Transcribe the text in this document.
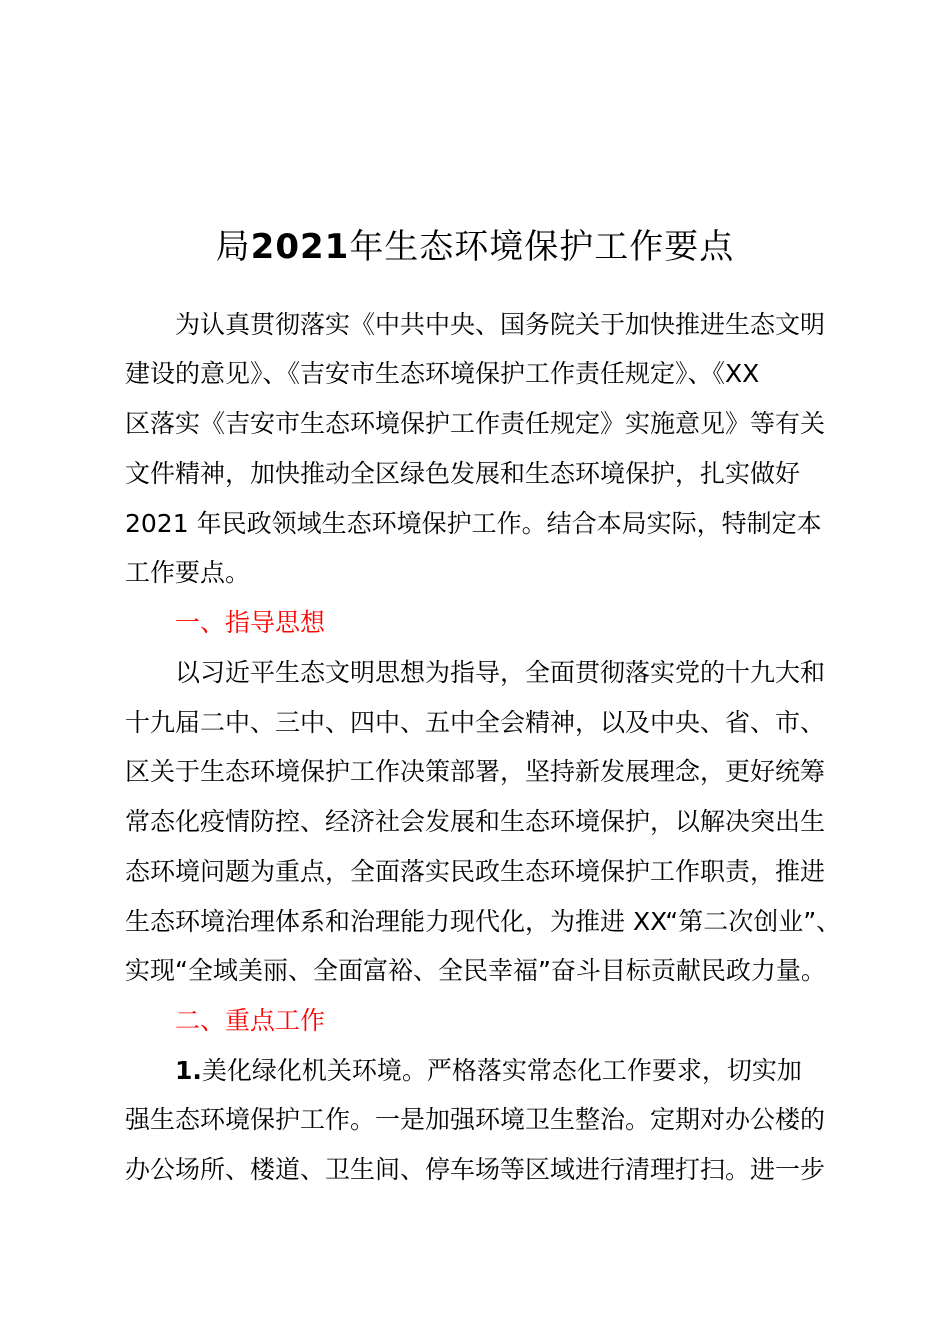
局2021年生态环境保护工作要点
为认真贯彻落实《中共中央、国务院关于加快推进生态文明
建设的意见》、《吉安市生态环境保护工作责任规定》、《XX
区落实《吉安市生态环境保护工作责任规定》实施意见》等有关
文件精神，加快推动全区绿色发展和生态环境保护，扎实做好
2021 年民政领域生态环境保护工作。结合本局实际，特制定本
工作要点。
一、指导思想
以习近平生态文明思想为指导，全面贯彻落实党的十九大和
十九届二中、三中、四中、五中全会精神，以及中央、省、市、
区关于生态环境保护工作决策部署，坚持新发展理念，更好统筹
常态化疫情防控、经济社会发展和生态环境保护，以解决突出生
态环境问题为重点，全面落实民政生态环境保护工作职责，推进
生态环境治理体系和治理能力现代化，为推进 XX“第二次创业”、
实现“全域美丽、全面富裕、全民幸福”奋斗目标贡献民政力量。
二、重点工作
1.美化绿化机关环境。严格落实常态化工作要求，切实加
强生态环境保护工作。一是加强环境卫生整治。定期对办公楼的
办公场所、楼道、卫生间、停车场等区域进行清理打扫。进一步
